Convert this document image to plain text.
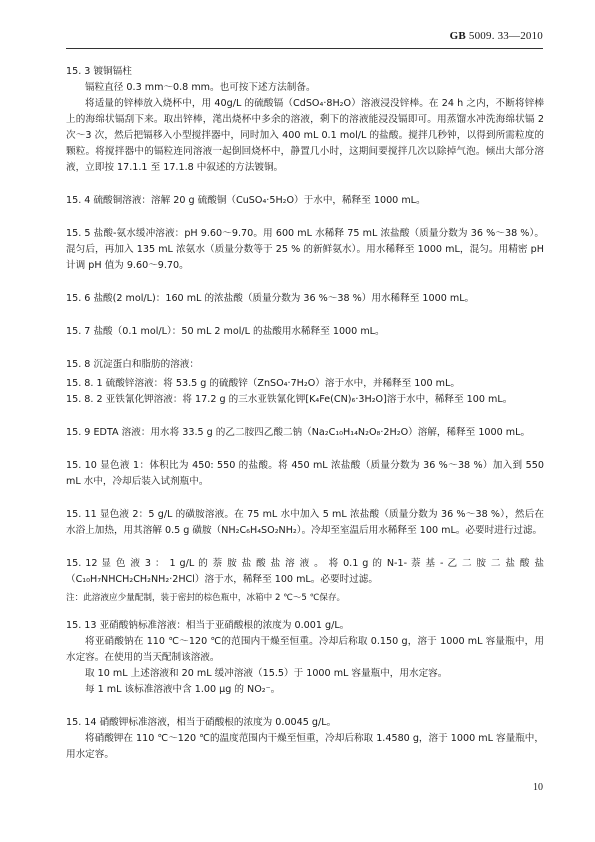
GB 5009. 33—2010

15. 3 镀铜镉柱

镉粒直径 0.3 mm～0.8 mm。也可按下述方法制备。

将适量的锌棒放入烧杯中，用 40g/L 的硫酸镉（CdSO₄·8H₂O）溶液浸没锌棒。在 24 h 之内，不断将锌棒上的海绵状镉刮下来。取出锌棒，滗出烧杯中多余的溶液，剩下的溶液能浸没镉即可。用蒸馏水冲洗海绵状镉 2 次～3 次，然后把镉移入小型搅拌器中，同时加入 400 mL 0.1 mol/L 的盐酸。搅拌几秒钟，以得到所需粒度的颗粒。将搅拌器中的镉粒连同溶液一起倒回烧杯中，静置几小时，这期间要搅拌几次以除掉气泡。倾出大部分溶液，立即按 17.1.1 至 17.1.8 中叙述的方法镀铜。

15. 4 硫酸铜溶液：溶解 20 g 硫酸铜（CuSO₄·5H₂O）于水中，稀释至 1000 mL。

15. 5 盐酸-氨水缓冲溶液：pH 9.60～9.70。用 600 mL 水稀释 75 mL 浓盐酸（质量分数为 36 %～38 %）。混匀后，再加入 135 mL 浓氨水（质量分数等于 25 % 的新鲜氨水）。用水稀释至 1000 mL，混匀。用精密 pH 计调 pH 值为 9.60～9.70。

15. 6 盐酸(2 mol/L)：160 mL 的浓盐酸（质量分数为 36 %～38 %）用水稀释至 1000 mL。

15. 7 盐酸（0.1 mol/L）：50 mL 2 mol/L 的盐酸用水稀释至 1000 mL。

15. 8 沉淀蛋白和脂肪的溶液：

15. 8. 1 硫酸锌溶液：将 53.5 g 的硫酸锌（ZnSO₄·7H₂O）溶于水中，并稀释至 100 mL。

15. 8. 2 亚铁氰化钾溶液：将 17.2 g 的三水亚铁氰化钾[K₄Fe(CN)₆·3H₂O]溶于水中，稀释至 100 mL。

15. 9 EDTA 溶液：用水将 33.5 g 的乙二胺四乙酸二钠（Na₂C₁₀H₁₄N₂O₈·2H₂O）溶解，稀释至 1000 mL。

15. 10 显色液 1：体积比为 450: 550 的盐酸。将 450 mL 浓盐酸（质量分数为 36 %～38 %）加入到 550 mL 水中，冷却后装入试剂瓶中。

15. 11 显色液 2：5 g/L 的磺胺溶液。在 75 mL 水中加入 5 mL 浓盐酸（质量分数为 36 %～38 %），然后在水浴上加热，用其溶解 0.5 g 磺胺（NH₂C₆H₄SO₂NH₂）。冷却至室温后用水稀释至 100 mL。必要时进行过滤。

15. 12 显 色 液 3 ： 1 g/L 的 萘 胺 盐 酸 盐 溶 液 。 将 0.1 g 的 N-1- 萘 基 - 乙 二 胺 二 盐 酸 盐（C₁₀H₇NHCH₂CH₂NH₂·2HCl）溶于水，稀释至 100 mL。必要时过滤。

注：此溶液应少量配制，装于密封的棕色瓶中，冰箱中 2 ℃～5 ℃保存。

15. 13 亚硝酸钠标准溶液：相当于亚硝酸根的浓度为 0.001 g/L。

将亚硝酸钠在 110 ℃～120 ℃的范围内干燥至恒重。冷却后称取 0.150 g，溶于 1000 mL 容量瓶中，用水定容。在使用的当天配制该溶液。

取 10 mL 上述溶液和 20 mL 缓冲溶液（15.5）于 1000 mL 容量瓶中，用水定容。

每 1 mL 该标准溶液中含 1.00 μg 的 NO₂⁻。

15. 14 硝酸钾标准溶液，相当于硝酸根的浓度为 0.0045 g/L。

将硝酸钾在 110 ℃～120 ℃的温度范围内干燥至恒重，冷却后称取 1.4580 g，溶于 1000 mL 容量瓶中，用水定容。

10
